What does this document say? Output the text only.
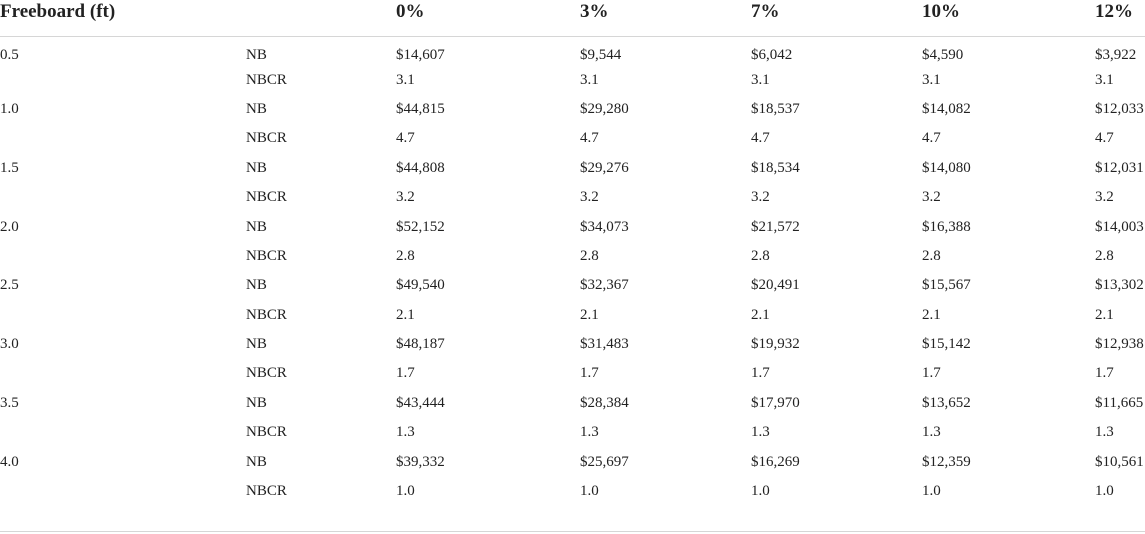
Freeboard (ft)		0%	3%	7%	10%	12%
0.5	NB	$14,607	$9,544	$6,042	$4,590	$3,922
	NBCR	3.1	3.1	3.1	3.1	3.1
1.0	NB	$44,815	$29,280	$18,537	$14,082	$12,033
	NBCR	4.7	4.7	4.7	4.7	4.7
1.5	NB	$44,808	$29,276	$18,534	$14,080	$12,031
	NBCR	3.2	3.2	3.2	3.2	3.2
2.0	NB	$52,152	$34,073	$21,572	$16,388	$14,003
	NBCR	2.8	2.8	2.8	2.8	2.8
2.5	NB	$49,540	$32,367	$20,491	$15,567	$13,302
	NBCR	2.1	2.1	2.1	2.1	2.1
3.0	NB	$48,187	$31,483	$19,932	$15,142	$12,938
	NBCR	1.7	1.7	1.7	1.7	1.7
3.5	NB	$43,444	$28,384	$17,970	$13,652	$11,665
	NBCR	1.3	1.3	1.3	1.3	1.3
4.0	NB	$39,332	$25,697	$16,269	$12,359	$10,561
	NBCR	1.0	1.0	1.0	1.0	1.0
